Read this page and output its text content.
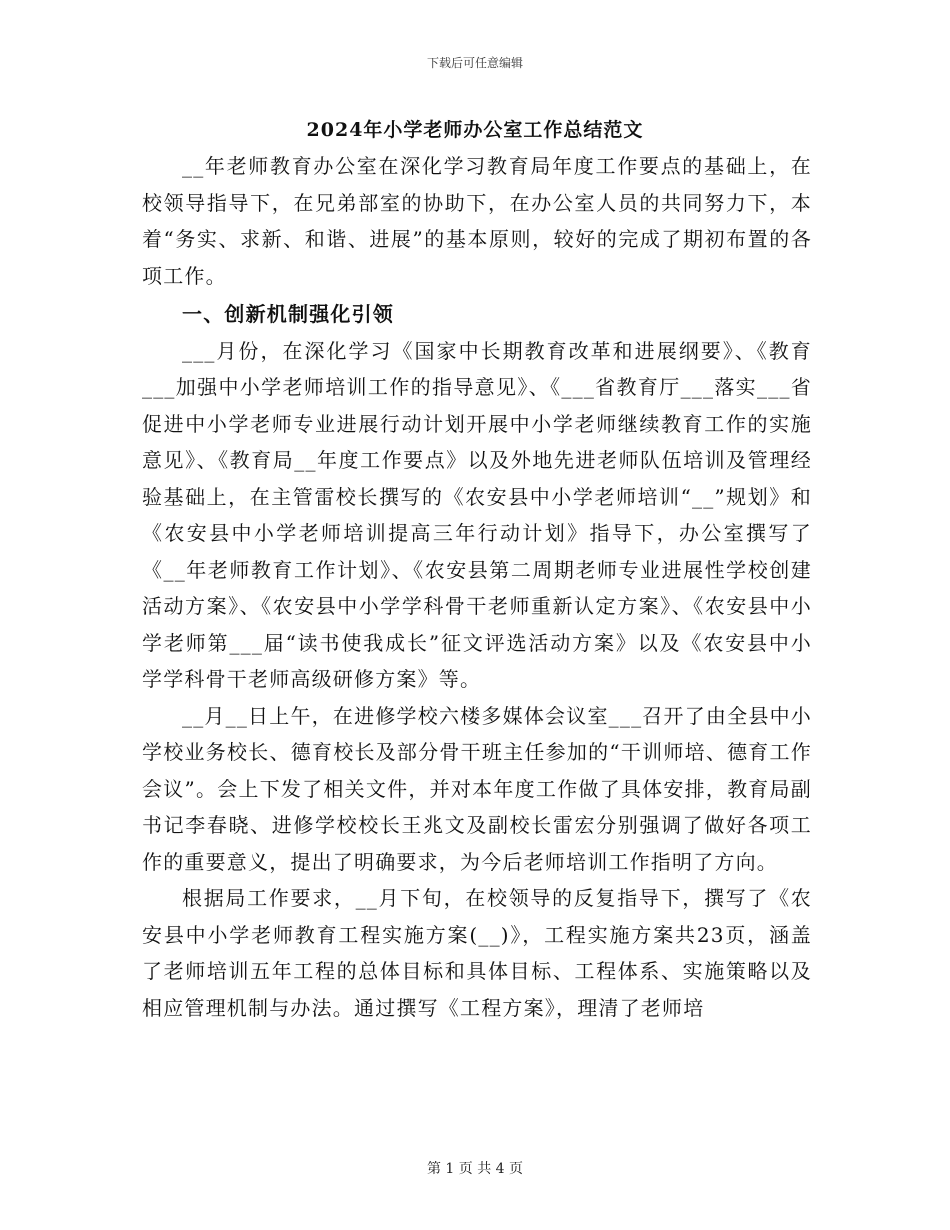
下载后可任意编辑
2024年小学老师办公室工作总结范文

__年老师教育办公室在深化学习教育局年度工作要点的基础上，在校领导指导下，在兄弟部室的协助下，在办公室人员的共同努力下，本着“务实、求新、和谐、进展”的基本原则，较好的完成了期初布置的各项工作。

一、创新机制强化引领

___月份，在深化学习《国家中长期教育改革和进展纲要》、《教育___加强中小学老师培训工作的指导意见》、《___省教育厅___落实___省促进中小学老师专业进展行动计划开展中小学老师继续教育工作的实施意见》、《教育局__年度工作要点》以及外地先进老师队伍培训及管理经验基础上，在主管雷校长撰写的《农安县中小学老师培训“__”规划》和《农安县中小学老师培训提高三年行动计划》指导下，办公室撰写了《__年老师教育工作计划》、《农安县第二周期老师专业进展性学校创建活动方案》、《农安县中小学学科骨干老师重新认定方案》、《农安县中小学老师第___届“读书使我成长”征文评选活动方案》以及《农安县中小学学科骨干老师高级研修方案》等。

__月__日上午，在进修学校六楼多媒体会议室___召开了由全县中小学校业务校长、德育校长及部分骨干班主任参加的“干训师培、德育工作会议”。会上下发了相关文件，并对本年度工作做了具体安排，教育局副书记李春晓、进修学校校长王兆文及副校长雷宏分别强调了做好各项工作的重要意义，提出了明确要求，为今后老师培训工作指明了方向。

根据局工作要求，__月下旬，在校领导的反复指导下，撰写了《农安县中小学老师教育工程实施方案(__)》，工程实施方案共23页，涵盖了老师培训五年工程的总体目标和具体目标、工程体系、实施策略以及相应管理机制与办法。通过撰写《工程方案》，理清了老师培

第 1 页 共 4 页
